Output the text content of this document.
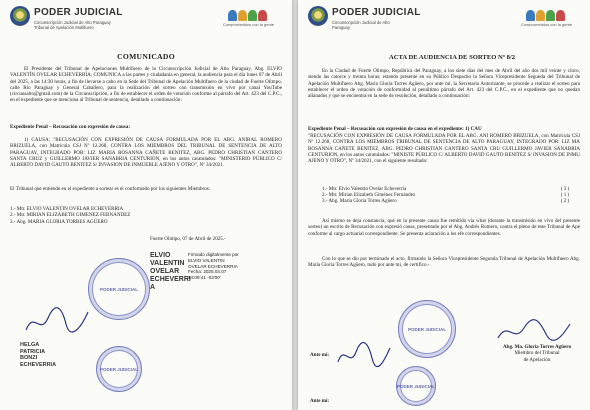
PODER JUDICIAL
Circunscripción Judicial de Alto Paraguay
Tribunal de Apelación Multifuero
Comprometidos con la gente
COMUNICADO
El Presidente del Tribunal de Apelaciones Multifuero de la Circunscripción Judicial de Alto Paraguay, Abg. ELVIO VALENTÍN OVELAR ECHEVERRÍA, COMUNICA a las partes y ciudadanía en general, la audiencia para el día lunes 07 de Abril del 2025, a las 14:30 horas, a fin de llevarse a cabo en la Sede del Tribunal de Apelación Multifuero de la ciudad de Fuerte Olimpo, calle Río Paraguay y General Caballero, para la realización del sorteo con transmisión en vivo por canal YouTube (circunsalto@gmail.com) de la Circunscripción, a fin de establecer el orden de votación conforme al párrafo del Art. 423 del C.P.C., en el expediente que se menciona al Tribunal de sentencia, detallado a continuación:
Expediente Penal – Recusación con expresión de causa:
1) CAUSA: "RECUSACIÓN CON EXPRESIÓN DE CAUSA FORMULADA POR EL ABG. ANIBAL ROMERO BRIZUELA, con Matrícula CSJ Nº 12.268, CONTRA LOS MIEMBROS DEL TRIBUNAL DE SENTENCIA DE ALTO PARAGUAY, INTEGRADO POR: LIZ MARIA ROSANNA CAÑETE BENITEZ, ABG. PEDRO CHRISTIAN CANTERO SANTA CRUZ y GUILLERMO JAVIER SANABRIA CENTURION, en los autos caratulados: "MINISTERIO PÚBLICO C/ ALBERTO DAVID GAUTO BENITEZ S/ INVASION DE INMUEBLE AJENO Y OTRO", Nº 34/2021.
El Tribunal que entiende en el expediente a sortear es el conformado por los siguientes Miembros:
1.- Mtr. ELVIO VALENTIN OVELAR ECHEVERRIA
2.- Mtr. MIRIAN ELIZABETH GIMENEZ FERNANDEZ
3.- Abg. MARIA GLORIA TORRES AGÜERO
Fuerte Olimpo, 07 de Abril de 2025.-
PODER JUDICIAL
PODER JUDICIAL
ELVIO
VALENTIN
OVELAR
ECHEVERRI
A
Firmado digitalmente por ELVIO VALENTIN OVELAR ECHEVERRIA Fecha: 2025.04.07 14:09:41 -03'00'
HELGA
PATRICIA
BONZI
ECHEVERRIA
PODER JUDICIAL
Circunscripción Judicial de Alto
Paraguay
Comprometidos con la gente
ACTA DE AUDIENCIA DE SORTEO Nº 8/2
En la Ciudad de Fuerte Olimpo, República del Paraguay, a los siete días del mes de Abril del año dos mil veinte y cinco, siendo las catorce y treinta horas; estando presente en su Público Despacho la Señora Vicepresidente Segunda del Tribunal de Apelación Multifuero Abg. María Gloria Torres Agüero, por ante mí, la Secretaria Autorizante, se procede a realizar el sorteo para establecer el orden de votación de conformidad al penúltimo párrafo del Art. 423 del C.P.C., en el expediente que no quedan allanados y que se encuentra en la sede de resolución, detallado a continuación:
Expediente Penal – Recusación con expresión de causa en el expediente: 1) CAU
"RECUSACIÓN CON EXPRESIÓN DE CAUSA FORMULADA POR EL ABG. ANI ROMERO BRIZUELA, con Matrícula CSJ Nº 12.268, CONTRA LOS MIEMBROS TRIBUNAL DE SENTENCIA DE ALTO PARAGUAY, INTEGRADO POR: LIZ MA ROSANNA CAÑETE BENITEZ, ABG. PEDRO CHRISTIAN CANTERO SANTA CRU GUILLERMO JAVIER SANABRIA CENTURION, en los autos caratulados: "MINISTE PÚBLICO C/ ALBERTO DAVID GAUTO BENITEZ S/ INVASION DE INMU AJENO Y OTRO", Nº 34/2021, con el siguiente resultado:
1.- Mtr. Elvio Valentín Ovelar Echeverría	( 3 )
2.- Mtr. Mirian Elizabeth Giménez Fernández	( 1 )
3.- Abg. María Gloria Torres Agüero	( 2 )
Así mismo se deja constancia, que en la presente causa fue remitido vía what (durante la transmisión en vivo del presente sorteo) un escrito de Recusación con expresió causa, presentado por el Abg. Andrés Romero, contra el pleno de este Tribunal de Ape conforme al cargo actuarial correspondiente. Se presenta aclaración a los efe correspondientes.
Con lo que se dio por terminado el acto, firmando la Señora Vicepresidente Segunda Tribunal de Apelación Multifuero Abg. María Gloria Torres Agüero, todo por ante mí, de certifico.-
PODER JUDICIAL
PODER JUDICIAL
Ante mí:
Abg. Ma. Gloria Torres Agüero
Miembro del Tribunal
de Apelación
Ante mí:
